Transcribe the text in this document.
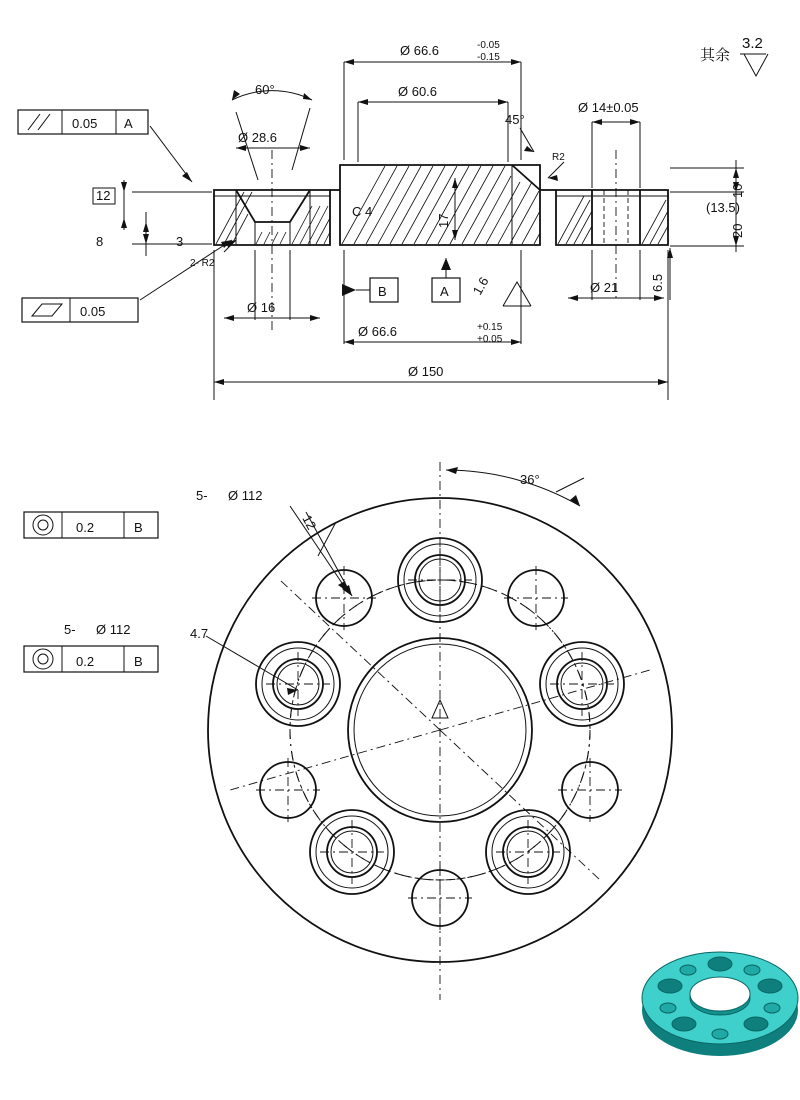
Ø 66.6	-0.05
-0.15
Ø 60.6
Ø 14±0.05
Ø 28.6
60°
45°
R2
2- R2
C 4
17
12
8	3
10
20
(13.5)
6.5
1.6
Ø 16
Ø 21
Ø 66.6	+0.15
+0.05
Ø 150
0.05 A
0.05
A
B
其余
3.2
36°
12
4.7
5- Ø 112
0.2	B
5- Ø 112
0.2	B
